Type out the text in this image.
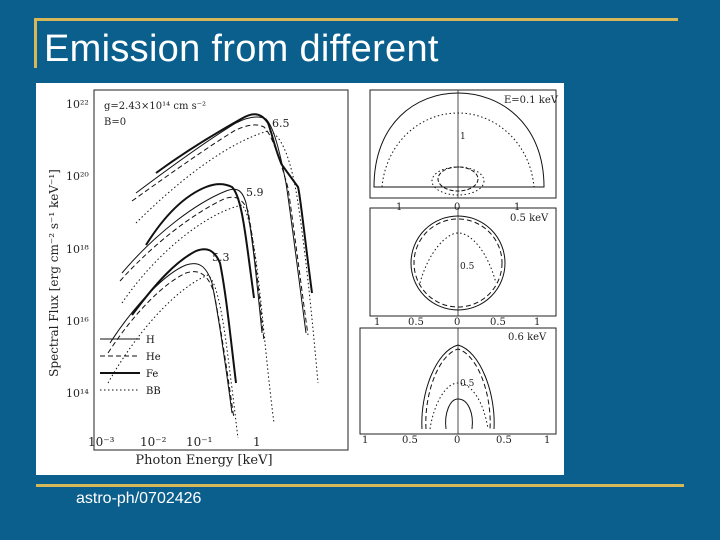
Emission from different
10²²
10²⁰
10¹⁸
10¹⁶
10¹⁴
Spectral Flux [erg cm⁻² s⁻¹ keV⁻¹]
10⁻³ 10⁻² 10⁻¹	1
Photon Energy [keV]
g=2.43×10¹⁴ cm s⁻²
B=0	6.5
5.9
5.3
H
He
Fe
BB
E=0.1 keV
1
1	0	1
0.5 keV
0.5
1	0.5	0	0.5	1
0.6 keV
0.5
1	0.5	0	0.5	1
astro-ph/0702426
